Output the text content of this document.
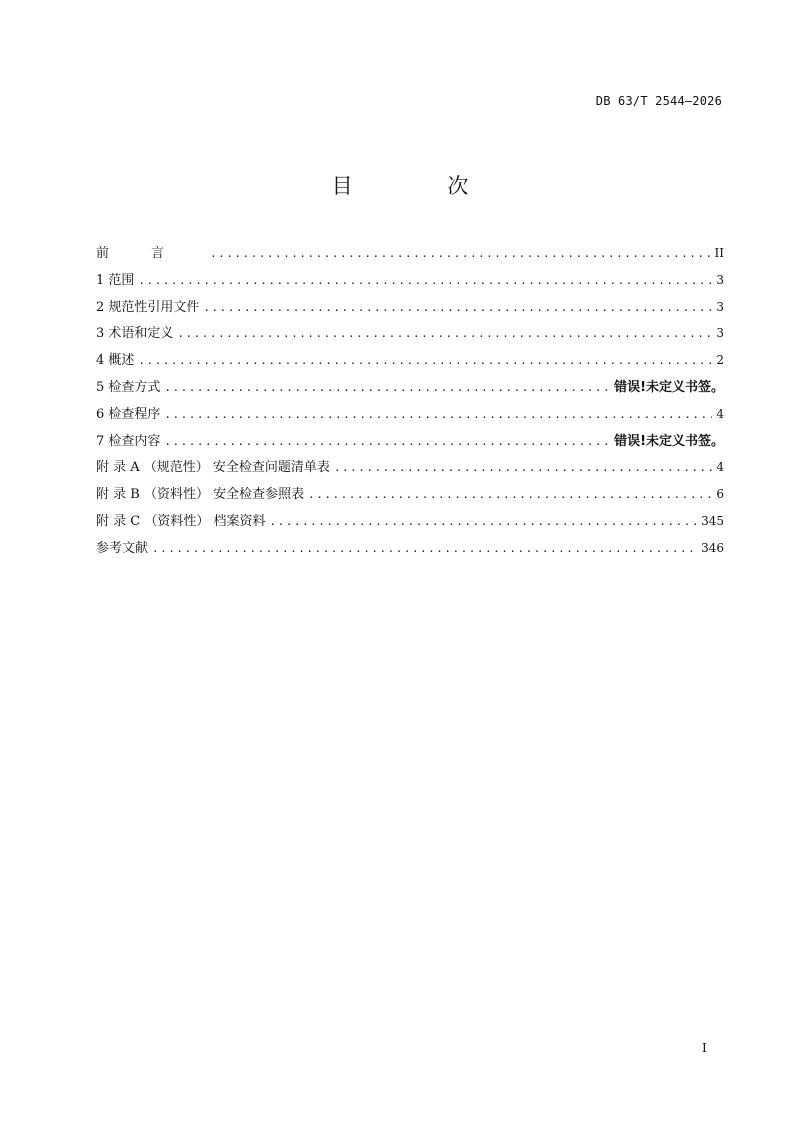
DB 63/T 2544—2026
目 次
前言 .....	II
1 范围 .....	3
2 规范性引用文件 .....	3
3 术语和定义 .....	3
4 概述 .....	2
5 检查方式 .....	错误!未定义书签。
6 检查程序 .....	4
7 检查内容 .....	错误!未定义书签。
附 录 A （规范性） 安全检查问题清单表 .....	4
附 录 B （资料性） 安全检查参照表 .....	6
附 录 C （资料性） 档案资料 .....	345
参考文献 .....	346
I
